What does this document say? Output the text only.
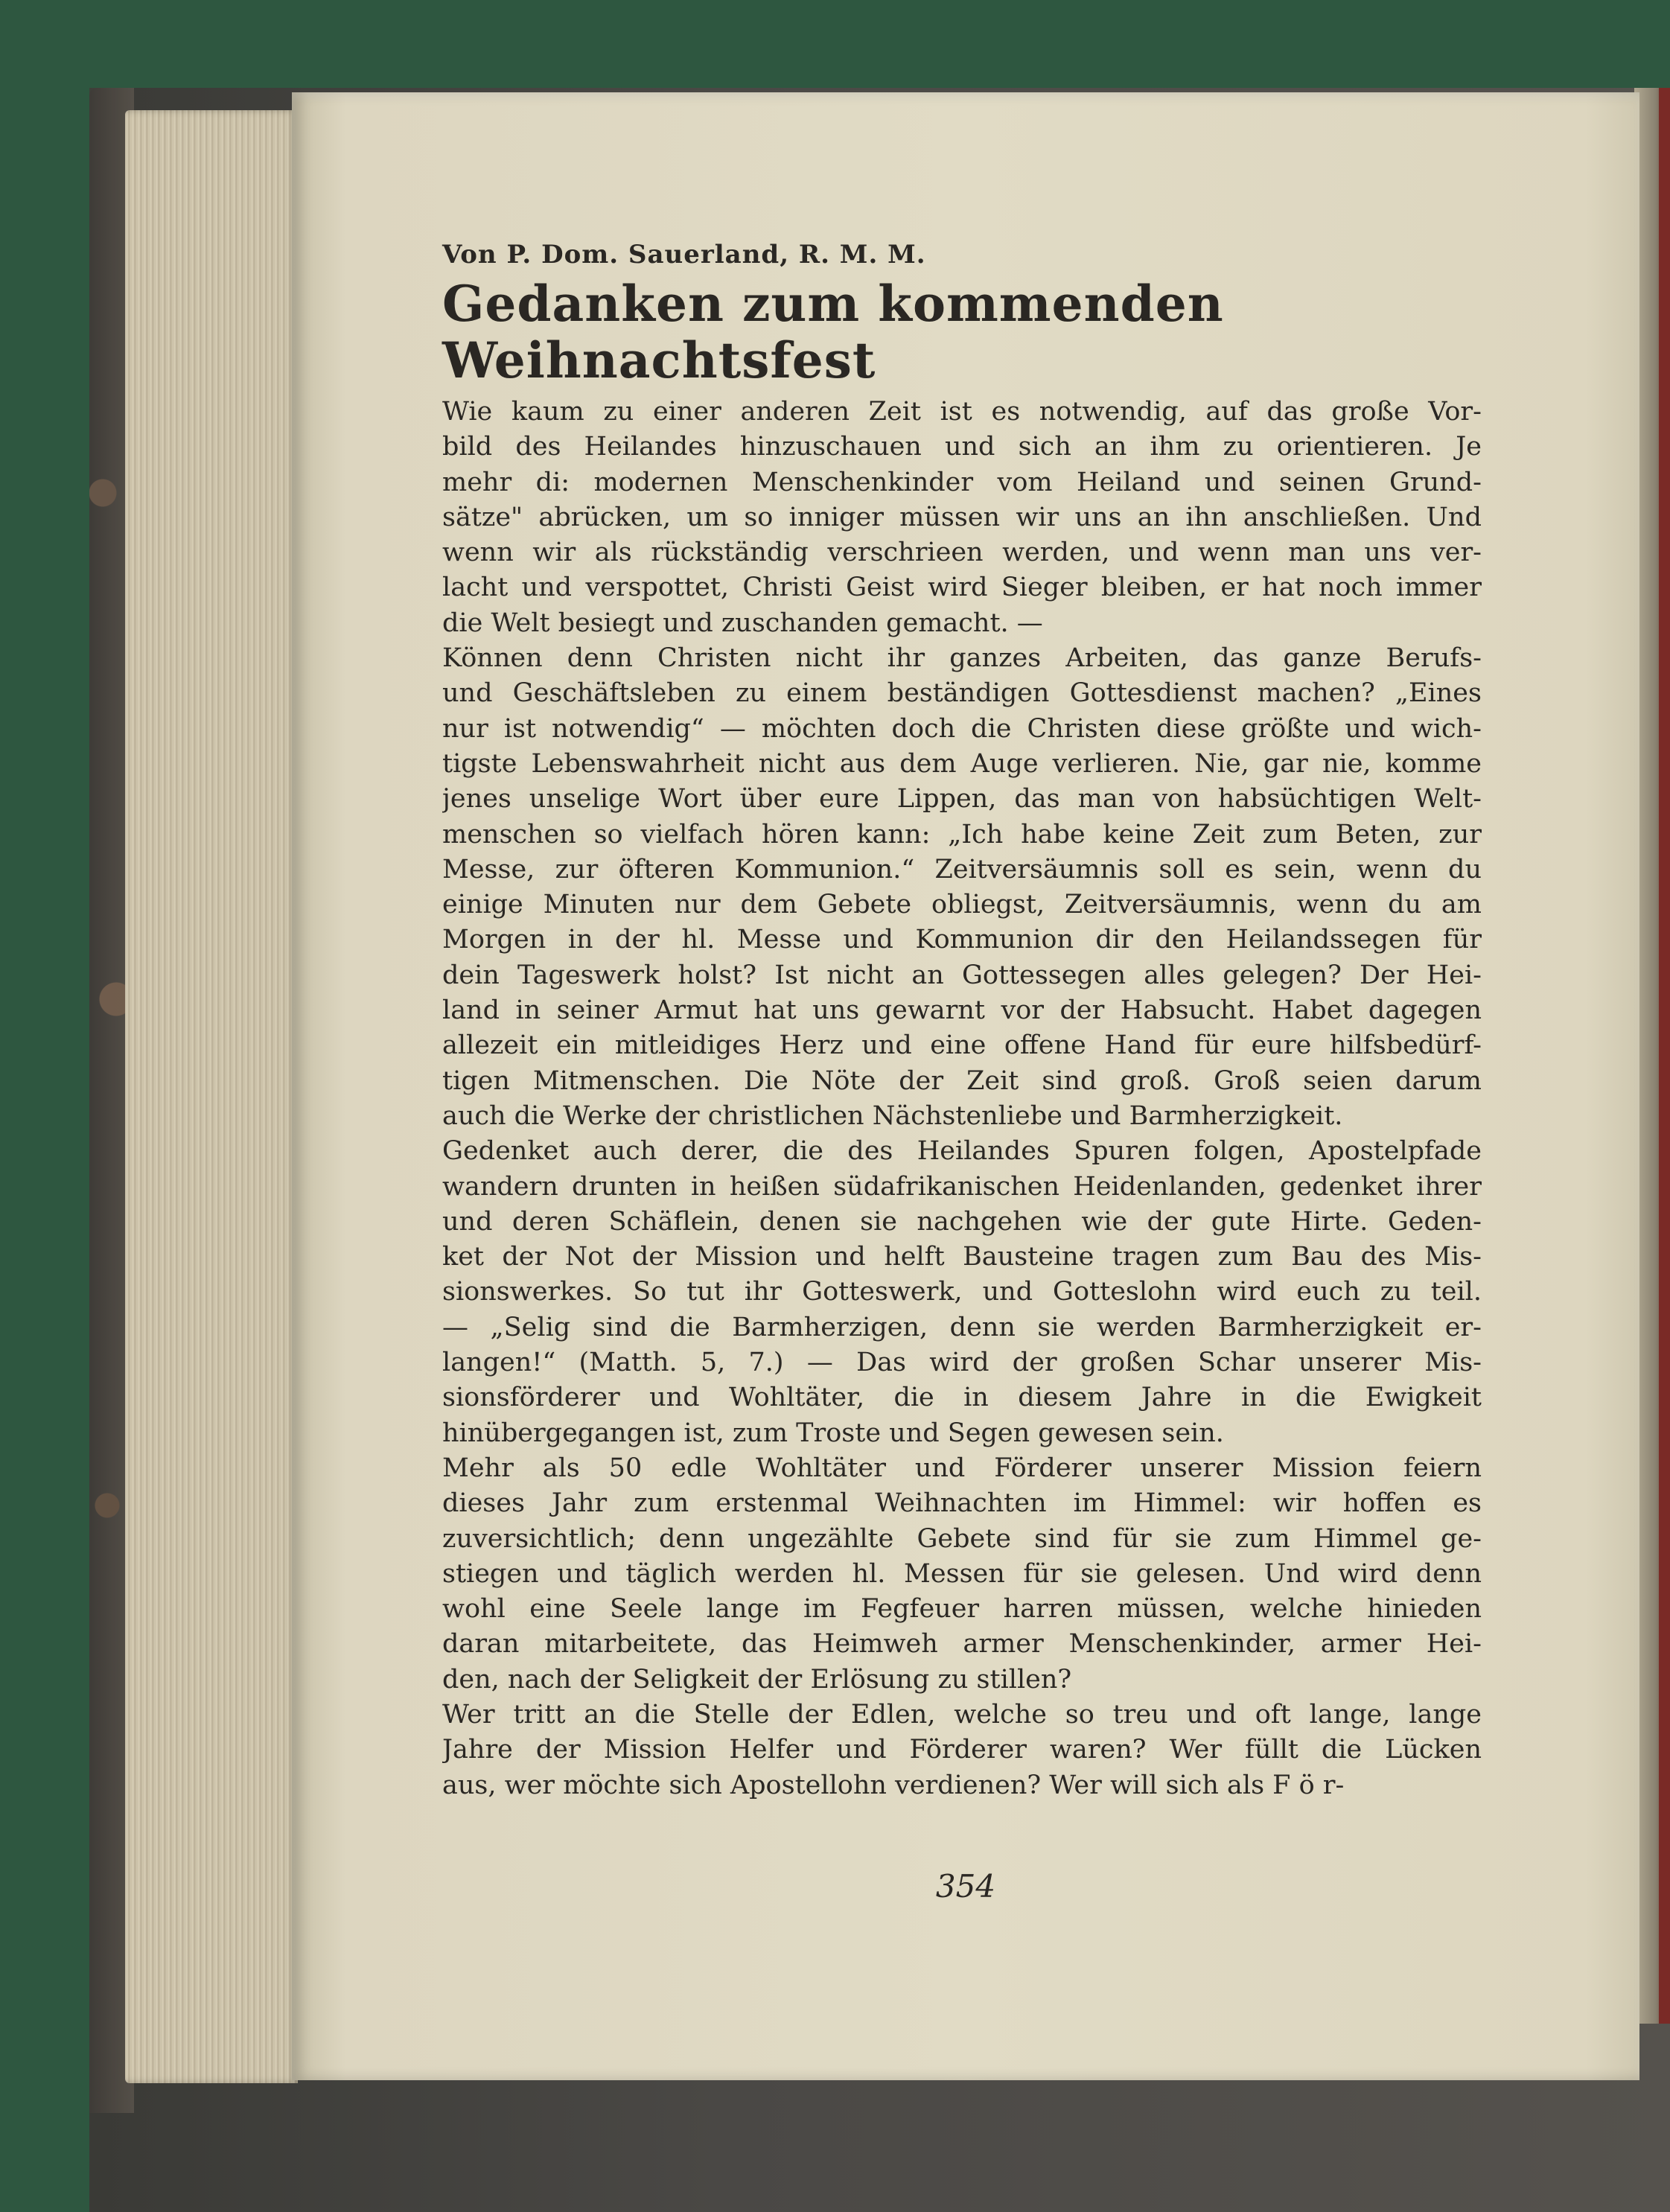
Von P. Dom. Sauerland, R. M. M.
Gedanken zum kommenden
Weihnachtsfest

Wie kaum zu einer anderen Zeit ist es notwendig, auf das große Vor-
bild des Heilandes hinzuschauen und sich an ihm zu orientieren. Je
mehr di: modernen Menschenkinder vom Heiland und seinen Grund-
sätze" abrücken, um so inniger müssen wir uns an ihn anschließen. Und
wenn wir als rückständig verschrieen werden, und wenn man uns ver-
lacht und verspottet, Christi Geist wird Sieger bleiben, er hat noch immer
die Welt besiegt und zuschanden gemacht. —

Können denn Christen nicht ihr ganzes Arbeiten, das ganze Berufs-
und Geschäftsleben zu einem beständigen Gottesdienst machen? „Eines
nur ist notwendig“ — möchten doch die Christen diese größte und wich-
tigste Lebenswahrheit nicht aus dem Auge verlieren. Nie, gar nie, komme
jenes unselige Wort über eure Lippen, das man von habsüchtigen Welt-
menschen so vielfach hören kann: „Ich habe keine Zeit zum Beten, zur
Messe, zur öfteren Kommunion.“ Zeitversäumnis soll es sein, wenn du
einige Minuten nur dem Gebete obliegst, Zeitversäumnis, wenn du am
Morgen in der hl. Messe und Kommunion dir den Heilandssegen für
dein Tageswerk holst? Ist nicht an Gottessegen alles gelegen? Der Hei-
land in seiner Armut hat uns gewarnt vor der Habsucht. Habet dagegen
allezeit ein mitleidiges Herz und eine offene Hand für eure hilfsbedürf-
tigen Mitmenschen. Die Nöte der Zeit sind groß. Groß seien darum
auch die Werke der christlichen Nächstenliebe und Barmherzigkeit.

Gedenket auch derer, die des Heilandes Spuren folgen, Apostelpfade
wandern drunten in heißen südafrikanischen Heidenlanden, gedenket ihrer
und deren Schäflein, denen sie nachgehen wie der gute Hirte. Geden-
ket der Not der Mission und helft Bausteine tragen zum Bau des Mis-
sionswerkes. So tut ihr Gotteswerk, und Gotteslohn wird euch zu teil.
— „Selig sind die Barmherzigen, denn sie werden Barmherzigkeit er-
langen!“ (Matth. 5, 7.) — Das wird der großen Schar unserer Mis-
sionsförderer und Wohltäter, die in diesem Jahre in die Ewigkeit
hinübergegangen ist, zum Troste und Segen gewesen sein.

Mehr als 50 edle Wohltäter und Förderer unserer Mission feiern
dieses Jahr zum erstenmal Weihnachten im Himmel: wir hoffen es
zuversichtlich; denn ungezählte Gebete sind für sie zum Himmel ge-
stiegen und täglich werden hl. Messen für sie gelesen. Und wird denn
wohl eine Seele lange im Fegfeuer harren müssen, welche hinieden
daran mitarbeitete, das Heimweh armer Menschenkinder, armer Hei-
den, nach der Seligkeit der Erlösung zu stillen?

Wer tritt an die Stelle der Edlen, welche so treu und oft lange, lange
Jahre der Mission Helfer und Förderer waren? Wer füllt die Lücken
aus, wer möchte sich Apostellohn verdienen? Wer will sich als F ö r-

354
